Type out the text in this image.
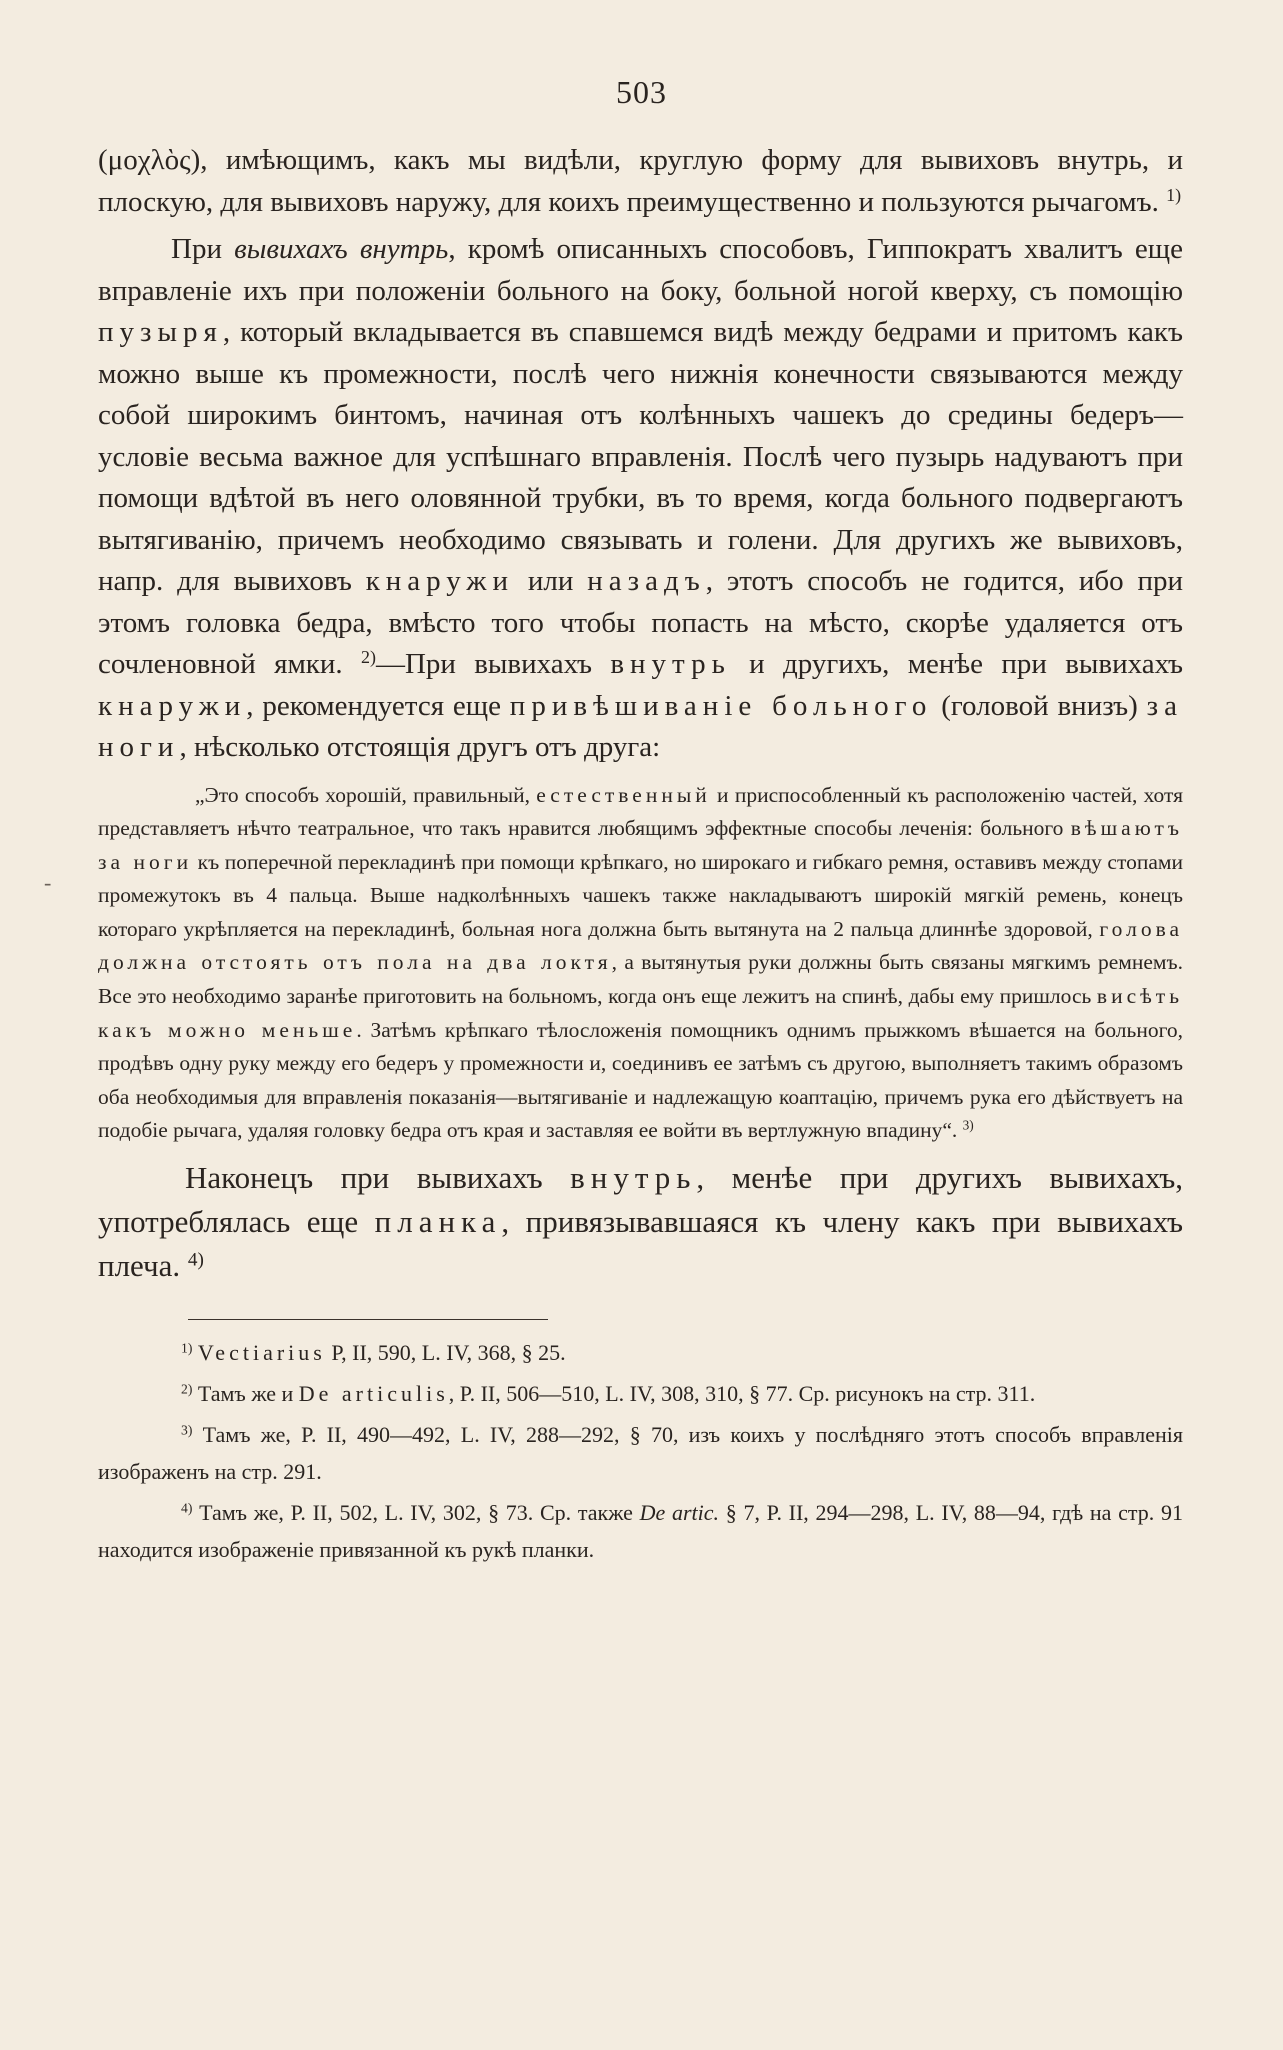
503
-

(μοχλὸς), имѣющимъ, какъ мы видѣли, круглую форму для вывиховъ внутрь, и плоскую, для вывиховъ наружу, для коихъ преимущественно и пользуются рычагомъ. $^{1)}$

При вывихахъ внутрь, кромѣ описанныхъ способовъ, Гиппократъ хвалитъ еще вправленіе ихъ при положеніи больного на боку, больной ногой кверху, съ помощію пузыря, который вкладывается въ спавшемся видѣ между бедрами и притомъ какъ можно выше къ промежности, послѣ чего нижнія конечности связываются между собой широкимъ бинтомъ, начиная отъ колѣнныхъ чашекъ до средины бедеръ—условіе весьма важное для успѣшнаго вправленія. Послѣ чего пузырь надуваютъ при помощи вдѣтой въ него оловянной трубки, въ то время, когда больного подвергаютъ вытягиванію, причемъ необходимо связывать и голени. Для другихъ же вывиховъ, напр. для вывиховъ кнаружи или назадъ, этотъ способъ не годится, ибо при этомъ головка бедра, вмѣсто того чтобы попасть на мѣсто, скорѣе удаляется отъ сочленовной ямки. $^{2)}$—При вывихахъ внутрь и другихъ, менѣе при вывихахъ кнаружи, рекомендуется еще привѣшиваніе больного (головой внизъ) за ноги, нѣсколько отстоящія другъ отъ друга:

„Это способъ хорошій, правильный, естественный и приспособленный къ расположенію частей, хотя представляетъ нѣчто театральное, что такъ нравится любящимъ эффектные способы леченія: больного вѣшаютъ за ноги къ поперечной перекладинѣ при помощи крѣпкаго, но широкаго и гибкаго ремня, оставивъ между стопами промежутокъ въ 4 пальца. Выше надколѣнныхъ чашекъ также накладываютъ широкій мягкій ремень, конецъ котораго укрѣпляется на перекладинѣ, больная нога должна быть вытянута на 2 пальца длиннѣе здоровой, голова должна отстоять отъ пола на два локтя, а вытянутыя руки должны быть связаны мягкимъ ремнемъ. Все это необходимо заранѣе приготовить на больномъ, когда онъ еще лежитъ на спинѣ, дабы ему пришлось висѣть какъ можно меньше. Затѣмъ крѣпкаго тѣлосложенія помощникъ однимъ прыжкомъ вѣшается на больного, продѣвъ одну руку между его бедеръ у промежности и, соединивъ ее затѣмъ съ другою, выполняетъ такимъ образомъ оба необходимыя для вправленія показанія—вытягиваніе и надлежащую коаптацію, причемъ рука его дѣйствуетъ на подобіе рычага, удаляя головку бедра отъ края и заставляя ее войти въ вертлужную впадину“. $^{3)}$

Наконецъ при вывихахъ внутрь, менѣе при другихъ вывихахъ, употреблялась еще планка, привязывавшаяся къ члену какъ при вывихахъ плеча. $^{4)}$

$^{1)}$ Vectiarius P, II, 590, L. IV, 368, § 25.

$^{2)}$ Тамъ же и De articulis, P. II, 506—510, L. IV, 308, 310, § 77. Ср. рисунокъ на стр. 311.

$^{3)}$ Тамъ же, P. II, 490—492, L. IV, 288—292, § 70, изъ коихъ у послѣдняго этотъ способъ вправленія изображенъ на стр. 291.

$^{4)}$ Тамъ же, P. II, 502, L. IV, 302, § 73. Ср. также De artic. § 7, P. II, 294—298, L. IV, 88—94, гдѣ на стр. 91 находится изображеніе привязанной къ рукѣ планки.
